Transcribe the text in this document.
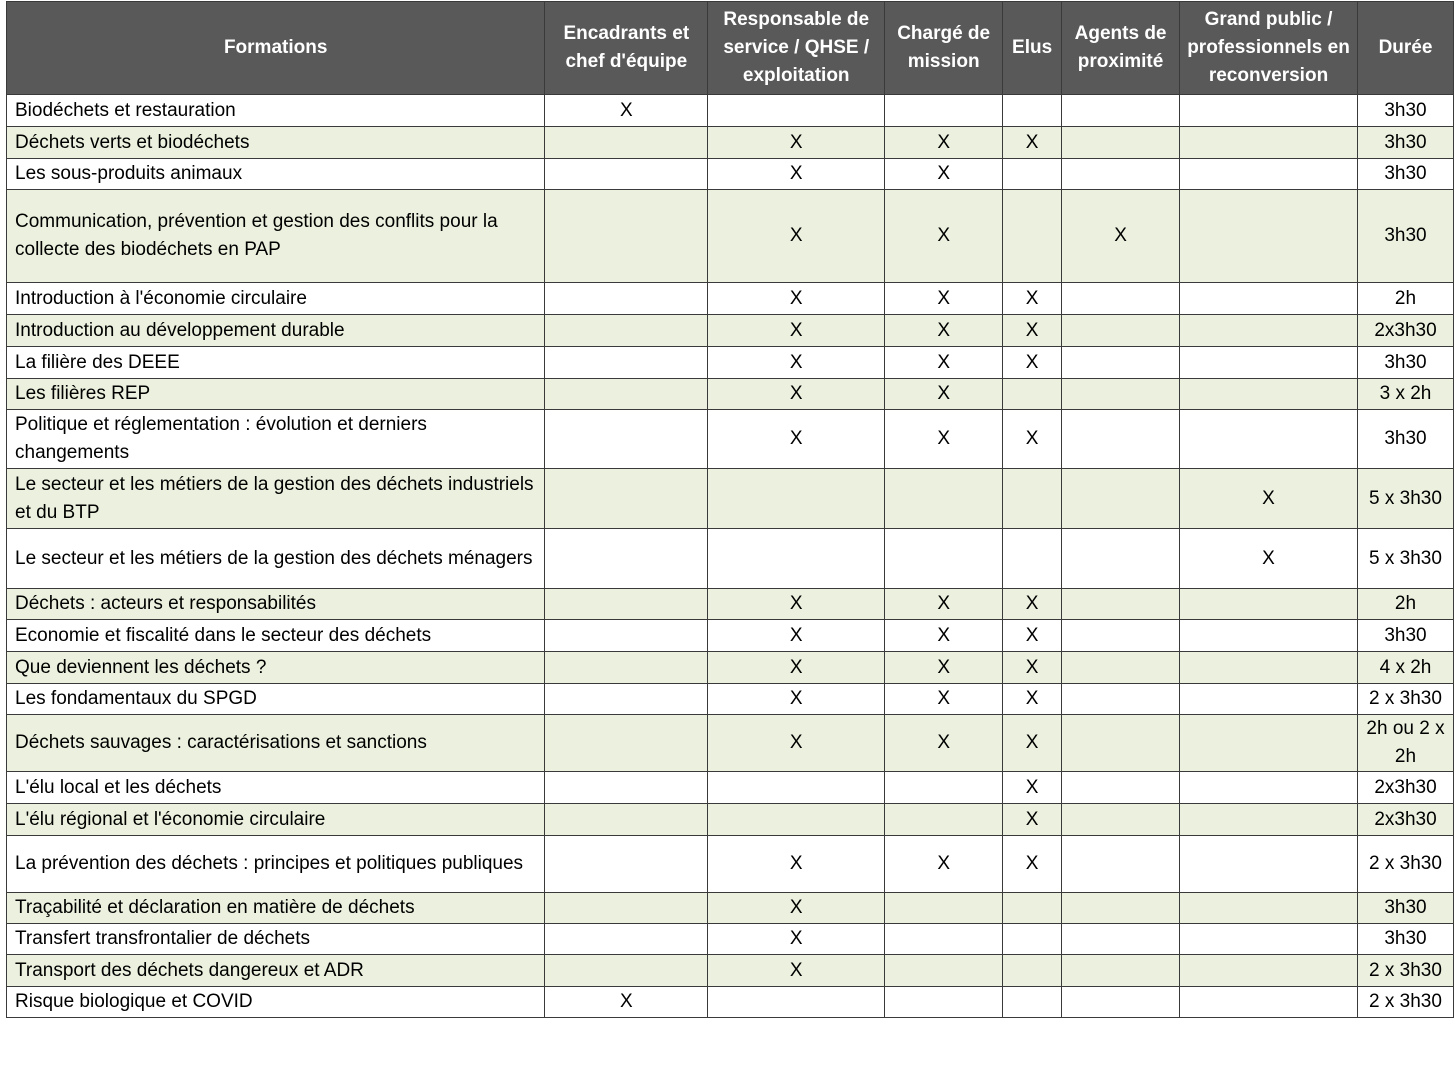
Formations	Encadrants et chef d'équipe	Responsable de service / QHSE / exploitation	Chargé de mission	Elus	Agents de proximité	Grand public / professionnels en reconversion	Durée
Biodéchets et restauration	X						3h30
Déchets verts et biodéchets		X	X	X			3h30
Les sous-produits animaux		X	X				3h30
Communication, prévention et gestion des conflits pour la collecte des biodéchets en PAP		X	X		X		3h30
Introduction à l'économie circulaire		X	X	X			2h
Introduction au développement durable		X	X	X			2x3h30
La filière des DEEE		X	X	X			3h30
Les filières REP		X	X				3 x 2h
Politique et réglementation : évolution et derniers changements		X	X	X			3h30
Le secteur et les métiers de la gestion des déchets industriels et du BTP						X	5 x 3h30
Le secteur et les métiers de la gestion des déchets ménagers						X	5 x 3h30
Déchets : acteurs et responsabilités		X	X	X			2h
Economie et fiscalité dans le secteur des déchets		X	X	X			3h30
Que deviennent les déchets ?		X	X	X			4 x 2h
Les fondamentaux du SPGD		X	X	X			2 x 3h30
Déchets sauvages : caractérisations et sanctions		X	X	X			2h ou 2 x 2h
L'élu local et les déchets				X			2x3h30
L'élu régional et l'économie circulaire				X			2x3h30
La prévention des déchets : principes et politiques publiques		X	X	X			2 x 3h30
Traçabilité et déclaration en matière de déchets		X					3h30
Transfert transfrontalier de déchets		X					3h30
Transport des déchets dangereux et ADR		X					2 x 3h30
Risque biologique et COVID	X						2 x 3h30
